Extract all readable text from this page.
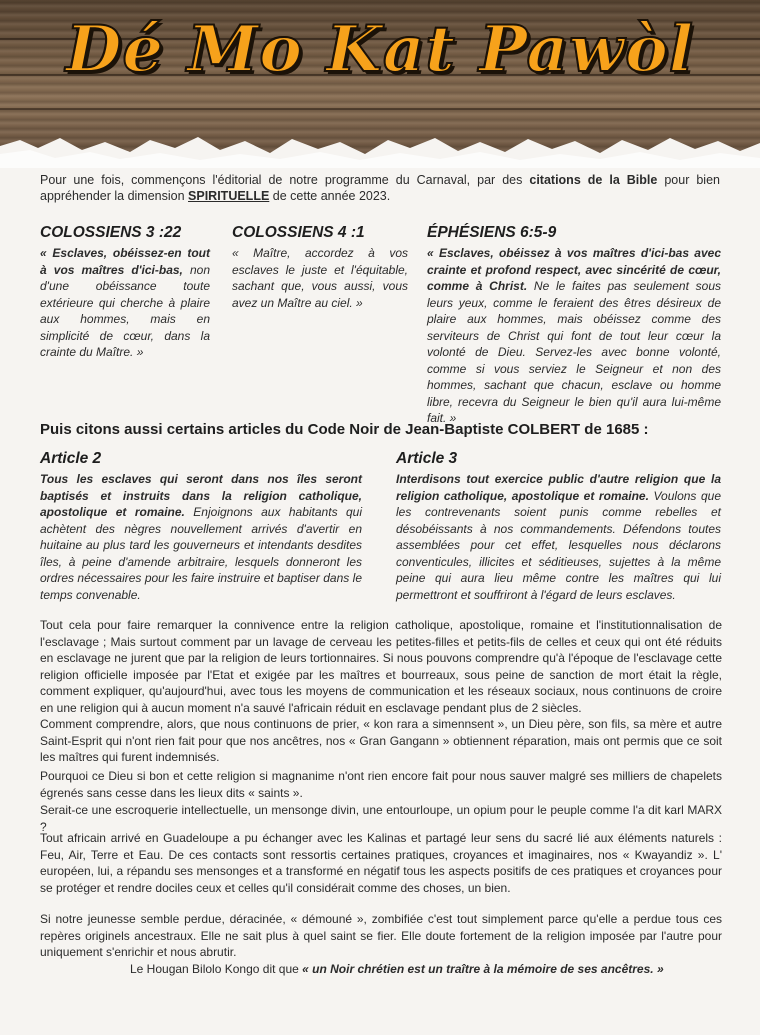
Dé Mo Kat Pawòl

Pour une fois, commençons l'éditorial de notre programme du Carnaval, par des citations de la Bible pour bien appréhender la dimension SPIRITUELLE de cette année 2023.

COLOSSIENS 3 :22
« Esclaves, obéissez-en tout à vos maîtres d'ici-bas, non d'une obéissance toute extérieure qui cherche à plaire aux hommes, mais en simplicité de cœur, dans la crainte du Maître. »
COLOSSIENS 4 :1
« Maître, accordez à vos esclaves le juste et l'équitable, sachant que, vous aussi, vous avez un Maître au ciel. »
ÉPHÉSIENS 6:5-9
« Esclaves, obéissez à vos maîtres d'ici-bas avec crainte et profond respect, avec sincérité de cœur, comme à Christ. Ne le faites pas seulement sous leurs yeux, comme le feraient des êtres désireux de plaire aux hommes, mais obéissez comme des serviteurs de Christ qui font de tout leur cœur la volonté de Dieu. Servez-les avec bonne volonté, comme si vous serviez le Seigneur et non des hommes, sachant que chacun, esclave ou homme libre, recevra du Seigneur le bien qu'il aura lui-même fait. »
Puis citons aussi certains articles du Code Noir de Jean-Baptiste COLBERT de 1685 :
Article 2
Tous les esclaves qui seront dans nos îles seront baptisés et instruits dans la religion catholique, apostolique et romaine. Enjoignons aux habitants qui achètent des nègres nouvellement arrivés d'avertir en huitaine au plus tard les gouverneurs et intendants desdites îles, à peine d'amende arbitraire, lesquels donneront les ordres nécessaires pour les faire instruire et baptiser dans le temps convenable.
Article 3
Interdisons tout exercice public d'autre religion que la religion catholique, apostolique et romaine. Voulons que les contrevenants soient punis comme rebelles et désobéissants à nos commandements. Défendons toutes assemblées pour cet effet, lesquelles nous déclarons conventicules, illicites et séditieuses, sujettes à la même peine qui aura lieu même contre les maîtres qui lui permettront et souffriront à l'égard de leurs esclaves.

Tout cela pour faire remarquer la connivence entre la religion catholique, apostolique, romaine et l'institutionnalisation de l'esclavage ; Mais surtout comment par un lavage de cerveau les petites-filles et petits-fils de celles et ceux qui ont été réduits en esclavage ne jurent que par la religion de leurs tortionnaires. Si nous pouvons comprendre qu'à l'époque de l'esclavage cette religion officielle imposée par l'Etat et exigée par les maîtres et bourreaux, sous peine de sanction de mort était la règle, comment expliquer, qu'aujourd'hui, avec tous les moyens de communication et les réseaux sociaux, nous continuons de croire en une religion qui à aucun moment n'a sauvé l'africain réduit en esclavage pendant plus de 2 siècles.

Comment comprendre, alors, que nous continuons de prier, « kon rara a simennsent », un Dieu père, son fils, sa mère et autre Saint-Esprit qui n'ont rien fait pour que nos ancêtres, nos « Gran Gangann » obtiennent réparation, mais ont permis que ce soit les maîtres qui furent indemnisés.

Pourquoi ce Dieu si bon et cette religion si magnanime n'ont rien encore fait pour nous sauver malgré ses milliers de chapelets égrenés sans cesse dans les lieux dits « saints ».

Serait-ce une escroquerie intellectuelle, un mensonge divin, une entourloupe, un opium pour le peuple comme l'a dit karl MARX ?

Tout africain arrivé en Guadeloupe a pu échanger avec les Kalinas et partagé leur sens du sacré lié aux éléments naturels : Feu, Air, Terre et Eau. De ces contacts sont ressortis certaines pratiques, croyances et imaginaires, nos « Kwayandiz ». L' européen, lui, a répandu ses mensonges et a transformé en négatif tous les aspects positifs de ces pratiques et croyances pour se protéger et rendre dociles ceux et celles qu'il considérait comme des choses, un bien.

Si notre jeunesse semble perdue, déracinée, « démouné », zombifiée c'est tout simplement parce qu'elle a perdue tous ces repères originels ancestraux. Elle ne sait plus à quel saint se fier. Elle doute fortement de la religion imposée par l'autre pour uniquement s'enrichir et nous abrutir.

Le Hougan Bilolo Kongo dit que « un Noir chrétien est un traître à la mémoire de ses ancêtres. »
